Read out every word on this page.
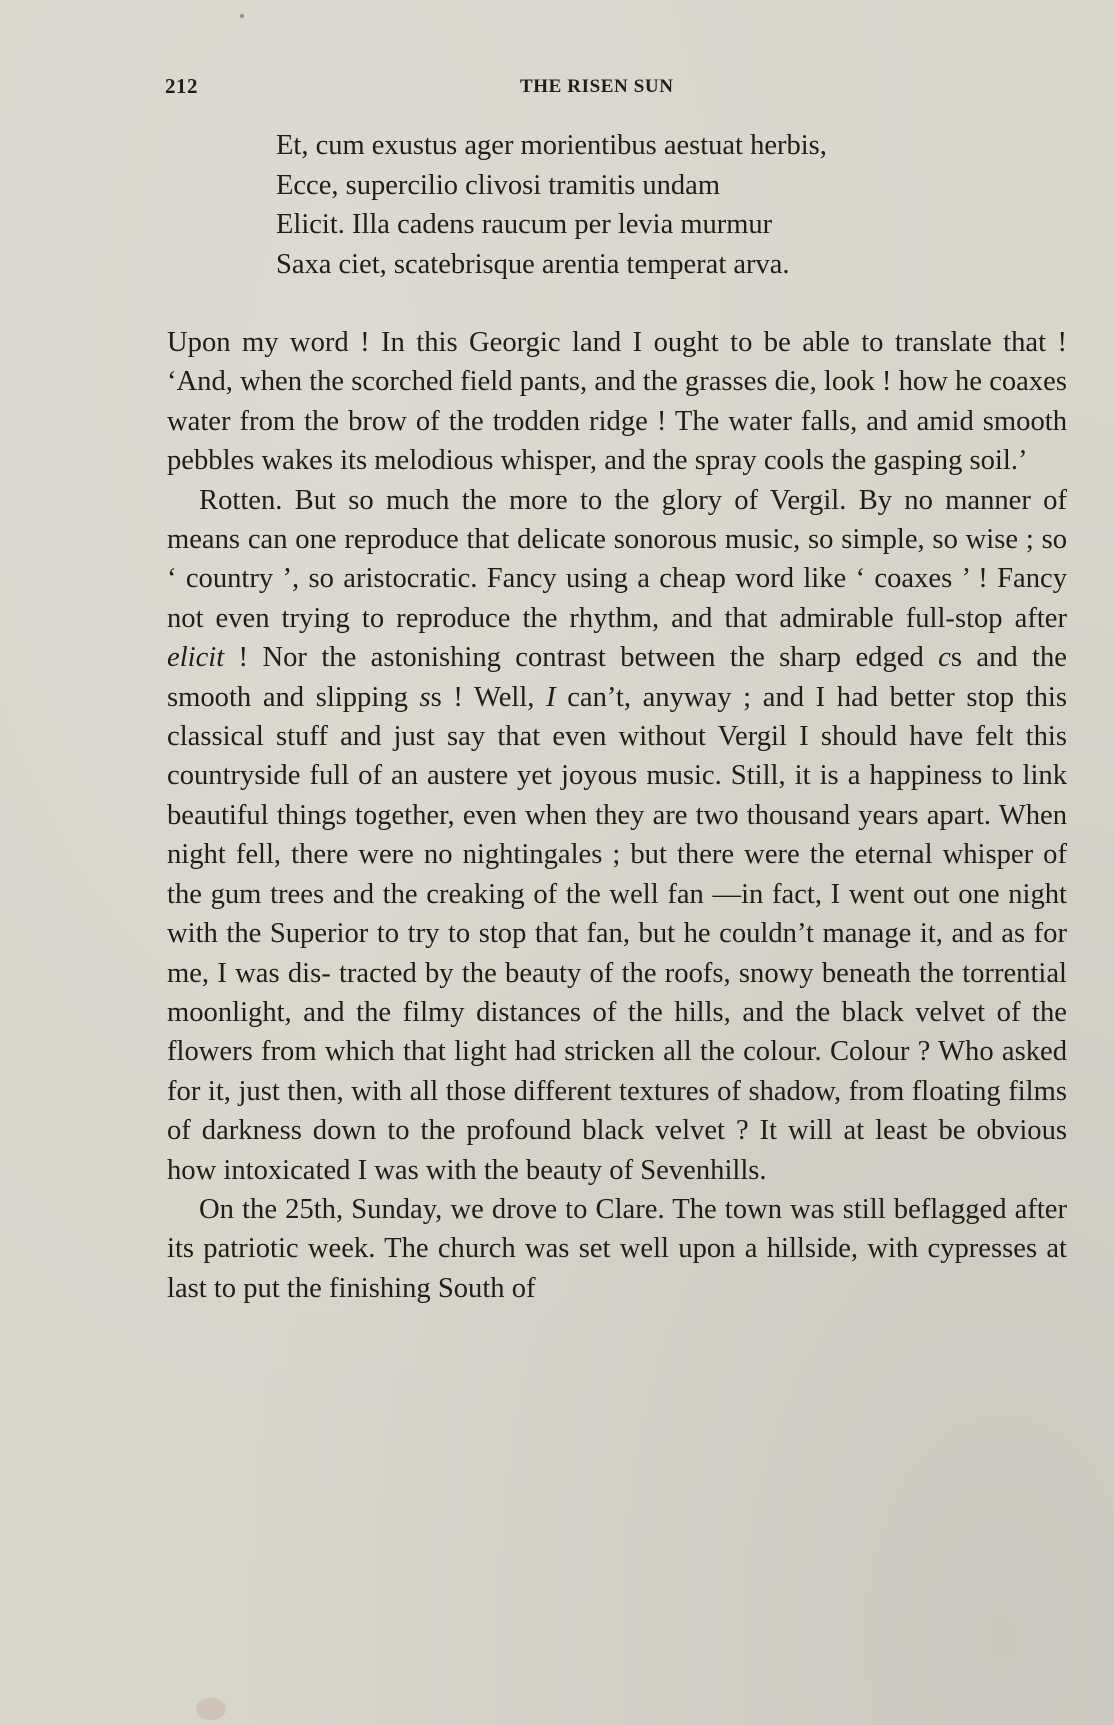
212	THE RISEN SUN
Et, cum exustus ager morientibus aestuat herbis,
Ecce, supercilio clivosi tramitis undam
Elicit. Illa cadens raucum per levia murmur
Saxa ciet, scatebrisque arentia temperat arva.

Upon my word ! In this Georgic land I ought to be able to translate that ! ‘And, when the scorched field pants, and the grasses die, look ! how he coaxes water from the brow of the trodden ridge ! The water falls, and amid smooth pebbles wakes its melodious whisper, and the spray cools the gasping soil.’

Rotten. But so much the more to the glory of Vergil. By no manner of means can one reproduce that delicate sonorous music, so simple, so wise ; so ‘ country ’, so aristocratic. Fancy using a cheap word like ‘ coaxes ’ ! Fancy not even trying to reproduce the rhythm, and that admirable full-stop after elicit ! Nor the astonishing contrast between the sharp edged cs and the smooth and slipping ss ! Well, I can’t, anyway ; and I had better stop this classical stuff and just say that even without Vergil I should have felt this countryside full of an austere yet joyous music. Still, it is a happiness to link beautiful things together, even when they are two thousand years apart. When night fell, there were no nightingales ; but there were the eternal whisper of the gum trees and the creaking of the well fan —in fact, I went out one night with the Superior to try to stop that fan, but he couldn’t manage it, and as for me, I was dis- tracted by the beauty of the roofs, snowy beneath the torrential moonlight, and the filmy distances of the hills, and the black velvet of the flowers from which that light had stricken all the colour. Colour ? Who asked for it, just then, with all those different textures of shadow, from floating films of darkness down to the profound black velvet ? It will at least be obvious how intoxicated I was with the beauty of Sevenhills.

On the 25th, Sunday, we drove to Clare. The town was still beflagged after its patriotic week. The church was set well upon a hillside, with cypresses at last to put the finishing South of
